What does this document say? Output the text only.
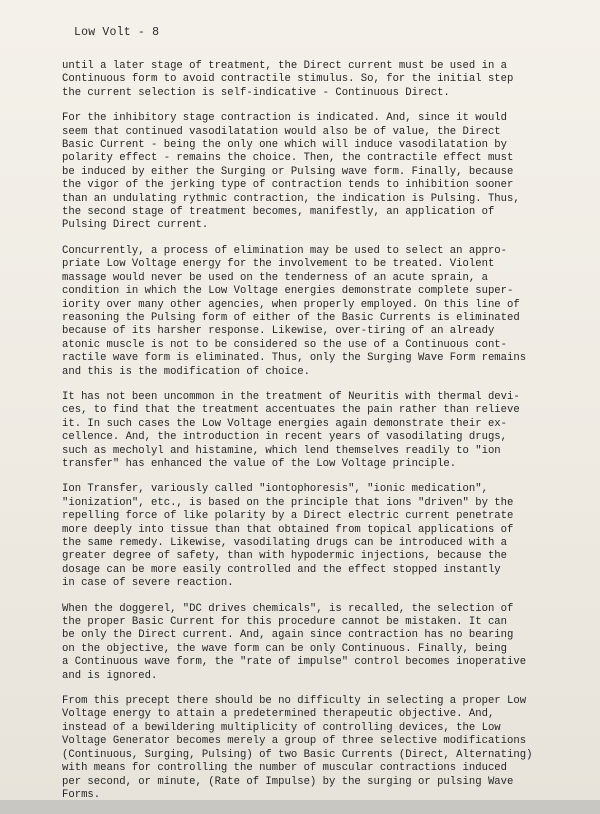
Low Volt - 8
until a later stage of treatment, the Direct current must be used in a
Continuous form to avoid contractile stimulus. So, for the initial step
the current selection is self-indicative - Continuous Direct.
For the inhibitory stage contraction is indicated. And, since it would
seem that continued vasodilatation would also be of value, the Direct
Basic Current - being the only one which will induce vasodilatation by
polarity effect - remains the choice. Then, the contractile effect must
be induced by either the Surging or Pulsing wave form. Finally, because
the vigor of the jerking type of contraction tends to inhibition sooner
than an undulating rythmic contraction, the indication is Pulsing. Thus,
the second stage of treatment becomes, manifestly, an application of
Pulsing Direct current.
Concurrently, a process of elimination may be used to select an appro-
priate Low Voltage energy for the involvement to be treated. Violent
massage would never be used on the tenderness of an acute sprain, a
condition in which the Low Voltage energies demonstrate complete super-
iority over many other agencies, when properly employed. On this line of
reasoning the Pulsing form of either of the Basic Currents is eliminated
because of its harsher response. Likewise, over-tiring of an already
atonic muscle is not to be considered so the use of a Continuous cont-
ractile wave form is eliminated. Thus, only the Surging Wave Form remains
and this is the modification of choice.
It has not been uncommon in the treatment of Neuritis with thermal devi-
ces, to find that the treatment accentuates the pain rather than relieve
it. In such cases the Low Voltage energies again demonstrate their ex-
cellence. And, the introduction in recent years of vasodilating drugs,
such as mecholyl and histamine, which lend themselves readily to "ion
transfer" has enhanced the value of the Low Voltage principle.
Ion Transfer, variously called "iontophoresis", "ionic medication",
"ionization", etc., is based on the principle that ions "driven" by the
repelling force of like polarity by a Direct electric current penetrate
more deeply into tissue than that obtained from topical applications of
the same remedy. Likewise, vasodilating drugs can be introduced with a
greater degree of safety, than with hypodermic injections, because the
dosage can be more easily controlled and the effect stopped instantly
in case of severe reaction.
When the doggerel, "DC drives chemicals", is recalled, the selection of
the proper Basic Current for this procedure cannot be mistaken. It can
be only the Direct current. And, again since contraction has no bearing
on the objective, the wave form can be only Continuous. Finally, being
a Continuous wave form, the "rate of impulse" control becomes inoperative
and is ignored.
From this precept there should be no difficulty in selecting a proper Low
Voltage energy to attain a predetermined therapeutic objective. And,
instead of a bewildering multiplicity of controlling devices, the Low
Voltage Generator becomes merely a group of three selective modifications
(Continuous, Surging, Pulsing) of two Basic Currents (Direct, Alternating)
with means for controlling the number of muscular contractions induced
per second, or minute, (Rate of Impulse) by the surging or pulsing Wave
Forms.
